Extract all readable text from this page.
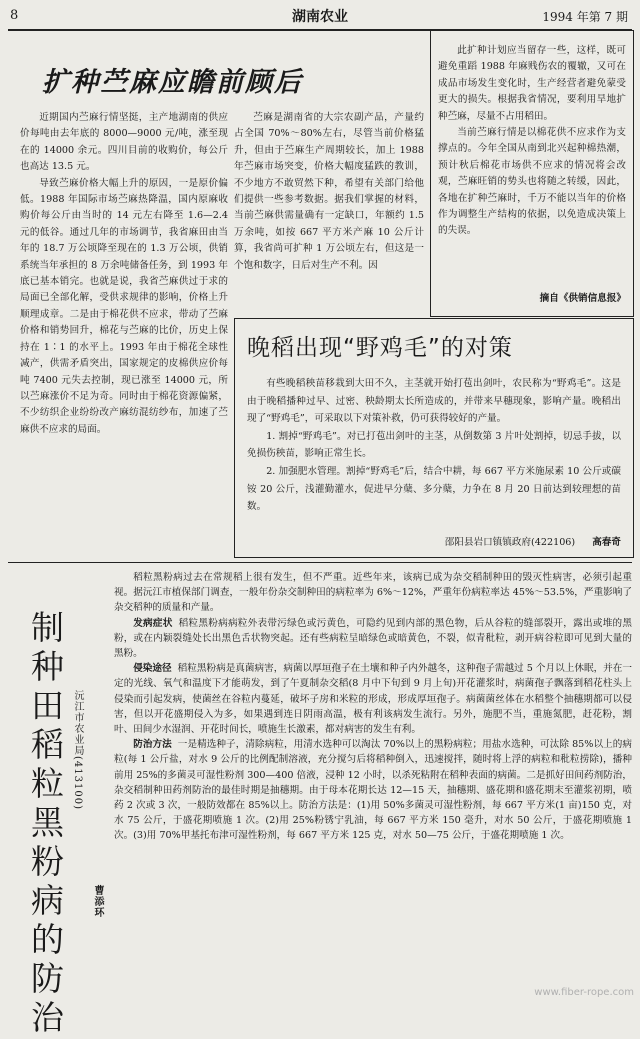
8	湖南农业	1994 年第 7 期
扩种苎麻应瞻前顾后

近期国内苎麻行情坚挺，主产地湖南的供应价每吨由去年底的 8000—9000 元/吨，涨至现在的 14000 余元。四川目前的收购价，每公斤也高达 13.5 元。

导致苎麻价格大幅上升的原因，一是原价偏低。1988 年国际市场苎麻热降温，国内原麻收购价每公斤由当时的 14 元左右降至 1.6—2.4 元的低谷。通过几年的市场调节，我省麻田由当年的 18.7 万公顷降至现在的 1.3 万公顷，供销系统当年承担的 8 万余吨储备任务，到 1993 年底已基本销完。也就是说，我省苎麻供过于求的局面已全部化解，受供求规律的影响，价格上升顺理成章。二是由于棉花供不应求，带动了苎麻价格和销势回升，棉花与苎麻的比价，历史上保持在 1∶1 的水平上。1993 年由于棉花全球性减产，供需矛盾突出，国家规定的皮棉供应价每吨 7400 元失去控制，现已涨至 14000 元，所以苎麻涨价不足为奇。同时由于棉花资源偏紧，不少纺织企业纷纷改产麻纺混纺纱布，加速了苎麻供不应求的局面。

苎麻是湖南省的大宗农副产品，产量约占全国 70%～80%左右，尽管当前价格猛升，但由于苎麻生产周期较长，加上 1988 年苎麻市场突变，价格大幅度猛跌的教训，不少地方不敢贸然下种，希望有关部门给他们提供一些参考数据。据我们掌握的材料，当前苎麻供需量确有一定缺口，年额约 1.5 万余吨，如按 667 平方米产麻 10 公斤计算，我省尚可扩种 1 万公顷左右，但这是一个饱和数字，日后对生产不利。因

此扩种计划应当留存一些，这样，既可避免重蹈 1988 年麻贱伤农的覆辙，又可在成品市场发生变化时，生产经营者避免蒙受更大的损失。根据我省情况，要利用旱地扩种苎麻，尽量不占用稻田。

当前苎麻行情是以棉花供不应求作为支撑点的。今年全国从南到北兴起种棉热潮，预计秋后棉花市场供不应求的情况将会改观，苎麻旺销的势头也将随之转缓，因此，各地在扩种苎麻时，千万不能以当年的价格作为调整生产结构的依据，以免造成决策上的失误。

摘自《供销信息报》
晚稻出现“野鸡毛”的对策

有些晚稻秧苗移栽到大田不久，主茎就开始打苞出剑叶，农民称为“野鸡毛”。这是由于晚稻播种过早、过密、秧龄期太长所造成的，并带来早穗现象，影响产量。晚稻出现了“野鸡毛”，可采取以下对策补救，仍可获得较好的产量。

1. 割掉“野鸡毛”。对已打苞出剑叶的主茎，从倒数第 3 片叶处割掉，切忌手拔，以免损伤秧苗，影响正常生长。

2. 加强肥水管理。割掉“野鸡毛”后，结合中耕，每 667 平方米施尿素 10 公斤或碳铵 20 公斤，浅灌勤灌水，促进早分蘖、多分蘖，力争在 8 月 20 日前达到较理想的苗数。

邵阳县岩口镇镇政府(422106) 高春奇
制种田稻粒黑粉病的防治
沅江市农业局(413100)
曹添环

稻粒黑粉病过去在常规稻上很有发生，但不严重。近些年来，该病已成为杂交稻制种田的毁灭性病害，必须引起重视。据沅江市植保部门调查，一般年份杂交制种田的病粒率为 6%～12%，严重年份病粒率达 45%～53.5%，严重影响了杂交稻种的质量和产量。

发病症状 稻粒黑粉病病粒外表带污绿色或污黄色，可隐约见到内部的黑色物，后从谷粒的缝部裂开，露出或堆的黑粉，或在内颖裂缝处长出黑色舌状物突起。还有些病粒呈暗绿色或暗黄色，不裂，似青秕粒，剥开病谷粒即可见到大量的黑粉。

侵染途径 稻粒黑粉病是真菌病害，病菌以厚垣孢子在土壤和种子内外越冬，这种孢子需越过 5 个月以上休眠，并在一定的光线、氧气和温度下才能萌发，到了午夏制杂交稻(8 月中下旬到 9 月上旬)开花灌浆时，病菌孢子飘落到稻花柱头上侵染而引起发病，使菌丝在谷粒内蔓延，破坏子房和米粒的形成，形成厚垣孢子。病菌菌丝体在水稻整个抽穗期都可以侵害，但以开花盛期侵入为多，如果遇到连日阴雨高温，极有利该病发生流行。另外，施肥不当，重施氮肥，赶花粉，割叶、田间少水湿润、开花时间长，喷施生长激素，都对病害的发生有利。

防治方法 一是精选种子，清除病粒，用清水选种可以淘汰 70%以上的黑粉病粒；用盐水选种，可汰除 85%以上的病粒(每 1 公斤盐，对水 9 公斤的比例配制溶液，充分搅匀后将稻种倒入，迅速搅拌，随时将上浮的病粒和秕粒捞除)，播种前用 25%的多菌灵可湿性粉剂 300—400 倍液，浸种 12 小时，以杀死粘附在稻种表面的病菌。二是抓好田间药剂防治，杂交稻制种田药剂防治的最佳时期是抽穗期。由于母本花期长达 12—15 天，抽穗期、盛花期和盛花期末至灌浆初期，喷药 2 次或 3 次，一般防效都在 85%以上。防治方法是：(1)用 50%多菌灵可湿性粉剂，每 667 平方米(1 亩)150 克，对水 75 公斤，于盛花期喷施 1 次。(2)用 25%粉锈宁乳油，每 667 平方米 150 毫升，对水 50 公斤，于盛花期喷施 1 次。(3)用 70%甲基托布津可湿性粉剂，每 667 平方米 125 克，对水 50—75 公斤，于盛花期喷施 1 次。

www.fiber-rope.com
